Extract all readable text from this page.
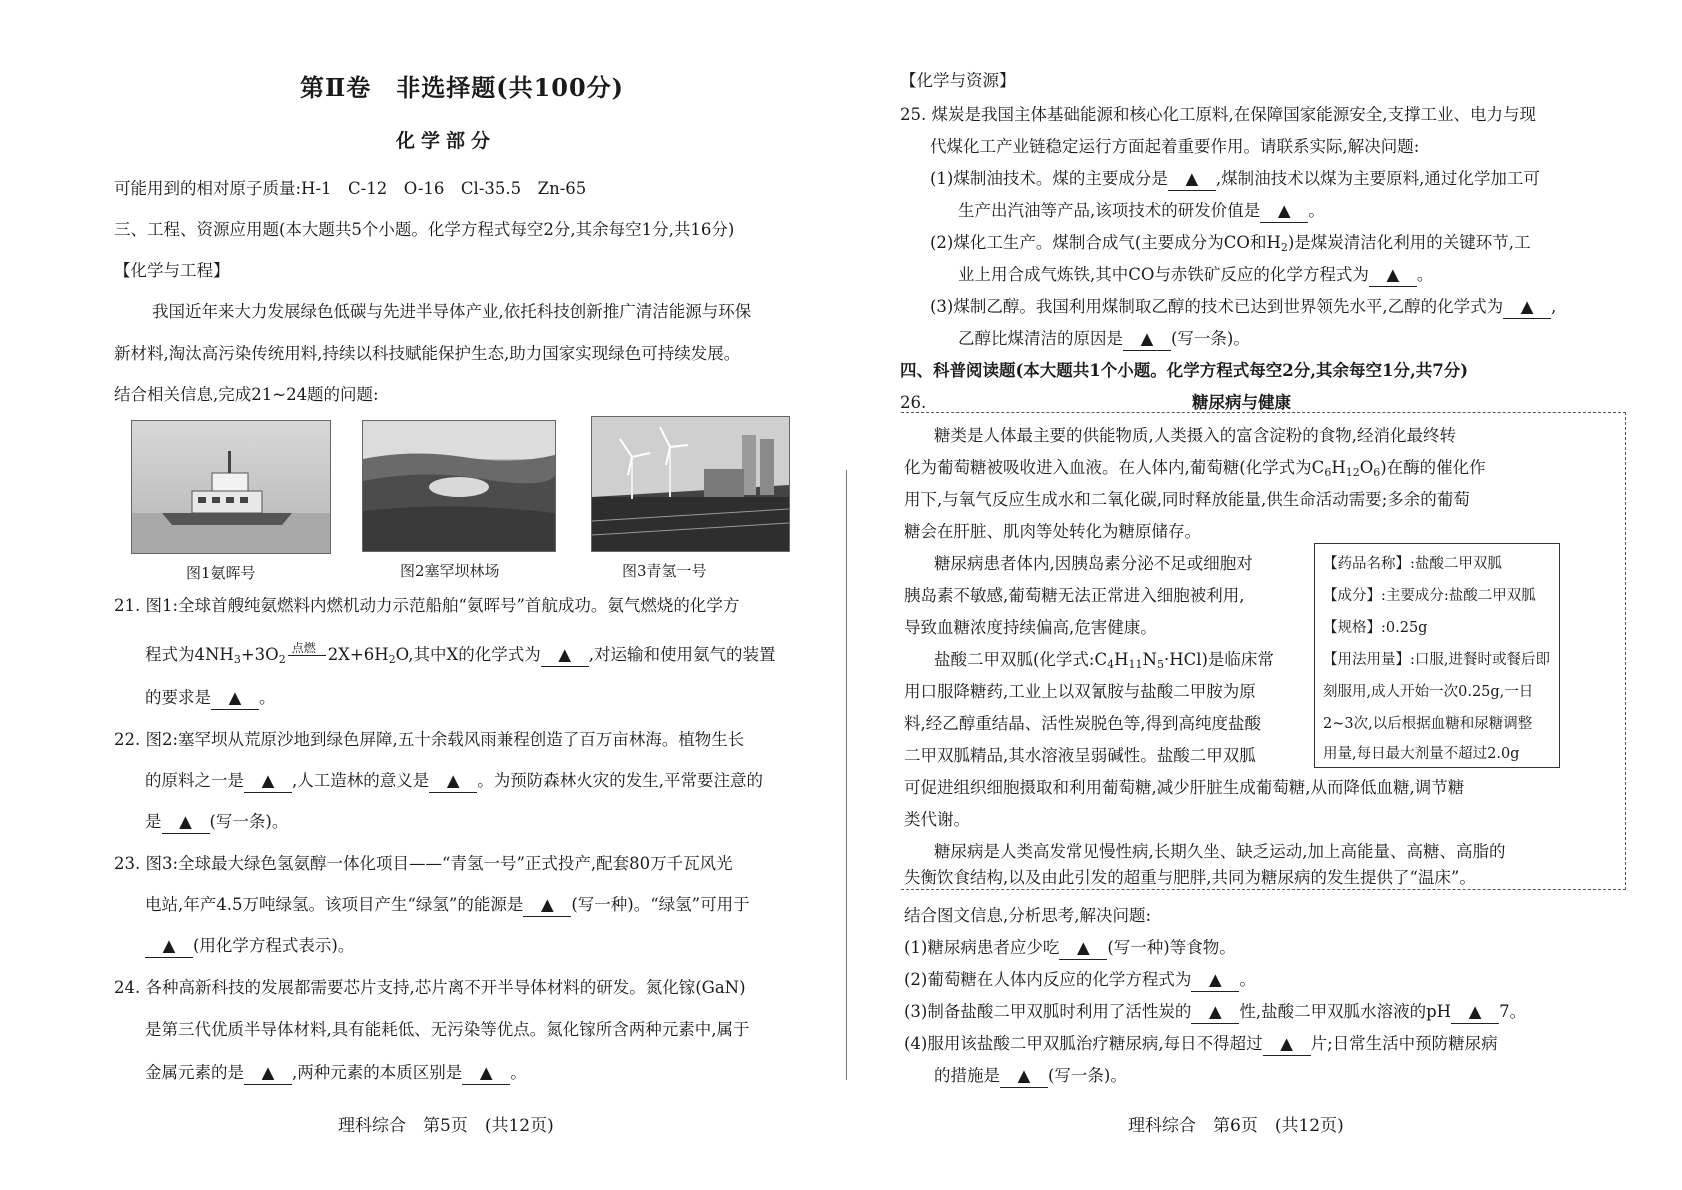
第Ⅱ卷　非选择题(共100分)
化学部分
可能用到的相对原子质量:H-1　C-12　O-16　Cl-35.5　Zn-65
三、工程、资源应用题(本大题共5个小题。化学方程式每空2分,其余每空1分,共16分)
【化学与工程】
我国近年来大力发展绿色低碳与先进半导体产业,依托科技创新推广清洁能源与环保
新材料,淘汰高污染传统用料,持续以科技赋能保护生态,助力国家实现绿色可持续发展。
结合相关信息,完成21~24题的问题:
图1氨晖号	图2塞罕坝林场	图3青氢一号
21. 图1:全球首艘纯氨燃料内燃机动力示范船舶“氨晖号”首航成功。氨气燃烧的化学方
程式为$4NH_3+3O_2$
点燃 $2X+6H_2O$,其中X的化学式为 ▲ ,对运输和使用氨气的装置
的要求是 ▲ 。
22. 图2:塞罕坝从荒原沙地到绿色屏障,五十余载风雨兼程创造了百万亩林海。植物生长
的原料之一是 ▲ ,人工造林的意义是 ▲ 。为预防森林火灾的发生,平常要注意的
是 ▲ (写一条)。
23. 图3:全球最大绿色氢氨醇一体化项目——“青氢一号”正式投产,配套80万千瓦风光
电站,年产4.5万吨绿氢。该项目产生“绿氢”的能源是 ▲ (写一种)。“绿氢”可用于
▲ (用化学方程式表示)。
24. 各种高新科技的发展都需要芯片支持,芯片离不开半导体材料的研发。氮化镓(GaN)
是第三代优质半导体材料,具有能耗低、无污染等优点。氮化镓所含两种元素中,属于
金属元素的是 ▲ ,两种元素的本质区别是 ▲ 。
理科综合　第5页　(共12页)
【化学与资源】
25. 煤炭是我国主体基础能源和核心化工原料,在保障国家能源安全,支撑工业、电力与现
代煤化工产业链稳定运行方面起着重要作用。请联系实际,解决问题:
(1)煤制油技术。煤的主要成分是 ▲ ,煤制油技术以煤为主要原料,通过化学加工可
生产出汽油等产品,该项技术的研发价值是 ▲ 。
(2)煤化工生产。煤制合成气(主要成分为CO和$H_2$)是煤炭清洁化利用的关键环节,工
业上用合成气炼铁,其中CO与赤铁矿反应的化学方程式为 ▲ 。
(3)煤制乙醇。我国利用煤制取乙醇的技术已达到世界领先水平,乙醇的化学式为 ▲ ,
乙醇比煤清洁的原因是 ▲ (写一条)。
四、科普阅读题(本大题共1个小题。化学方程式每空2分,其余每空1分,共7分)
26.	糖尿病与健康
糖类是人体最主要的供能物质,人类摄入的富含淀粉的食物,经消化最终转
化为葡萄糖被吸收进入血液。在人体内,葡萄糖(化学式为$C_6H_{12}O_6$)在酶的催化作
用下,与氧气反应生成水和二氧化碳,同时释放能量,供生命活动需要;多余的葡萄
糖会在肝脏、肌肉等处转化为糖原储存。
糖尿病患者体内,因胰岛素分泌不足或细胞对
胰岛素不敏感,葡萄糖无法正常进入细胞被利用,
导致血糖浓度持续偏高,危害健康。
盐酸二甲双胍(化学式$:C_4H_{11}N_5\cdot HCl$)是临床常
用口服降糖药,工业上以双氰胺与盐酸二甲胺为原
料,经乙醇重结晶、活性炭脱色等,得到高纯度盐酸
二甲双胍精品,其水溶液呈弱碱性。盐酸二甲双胍
可促进组织细胞摄取和利用葡萄糖,减少肝脏生成葡萄糖,从而降低血糖,调节糖
类代谢。
糖尿病是人类高发常见慢性病,长期久坐、缺乏运动,加上高能量、高糖、高脂的
失衡饮食结构,以及由此引发的超重与肥胖,共同为糖尿病的发生提供了“温床”。
结合图文信息,分析思考,解决问题:
(1)糖尿病患者应少吃 ▲ (写一种)等食物。
(2)葡萄糖在人体内反应的化学方程式为 ▲ 。
(3)制备盐酸二甲双胍时利用了活性炭的 ▲ 性,盐酸二甲双胍水溶液的pH ▲ 7。
(4)服用该盐酸二甲双胍治疗糖尿病,每日不得超过 ▲ 片;日常生活中预防糖尿病
的措施是 ▲ (写一条)。
理科综合　第6页　(共12页)
【药品名称】:盐酸二甲双胍
【成分】:主要成分:盐酸二甲双胍
【规格】:0.25g
【用法用量】:口服,进餐时或餐后即
刻服用,成人开始一次0.25g,一日
2~3次,以后根据血糖和尿糖调整
用量,每日最大剂量不超过2.0g
